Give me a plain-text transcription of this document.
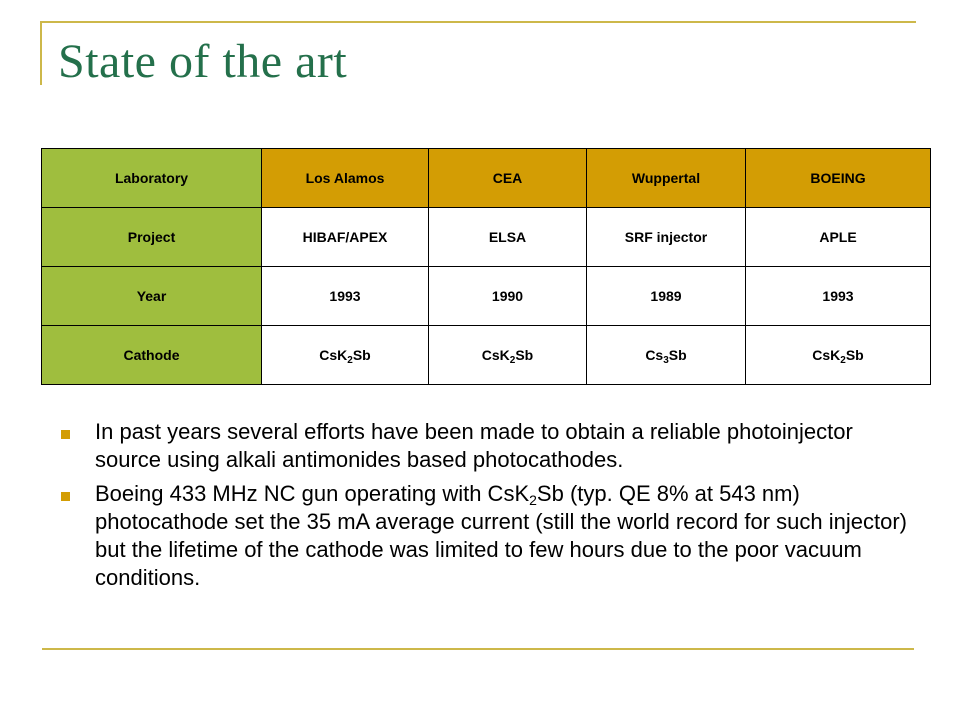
State of the art
Laboratory	Los Alamos	CEA	Wuppertal	BOEING
Project	HIBAF/APEX	ELSA	SRF injector	APLE
Year	1993	1990	1989	1993
Cathode	CsK$_2$Sb	CsK$_2$Sb	$Cs_3Sb$	CsK$_2$Sb
In past years several efforts have been made to obtain a reliable photoinjector source using alkali antimonides based photocathodes.
Boeing 433 MHz NC gun operating with CsK$_2$Sb (typ. QE 8% at 543 nm) photocathode set the 35 mA average current (still the world record for such injector) but the lifetime of the cathode was limited to few hours due to the poor vacuum conditions.
